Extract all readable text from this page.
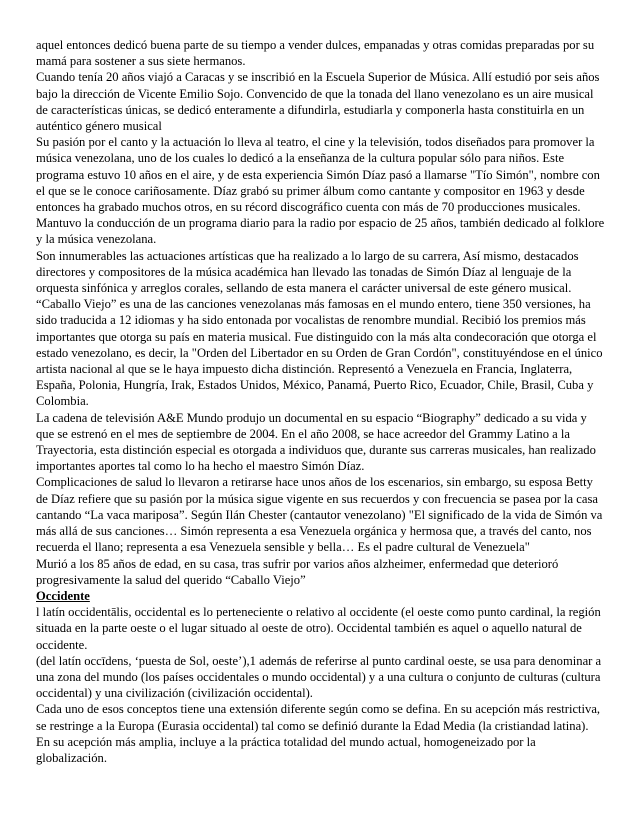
aquel entonces dedicó buena parte de su tiempo a vender dulces, empanadas y otras comidas preparadas por su mamá para sostener a sus siete hermanos.

Cuando tenía 20 años viajó a Caracas y se inscribió en la Escuela Superior de Música. Allí estudió por seis años bajo la dirección de Vicente Emilio Sojo. Convencido de que la tonada del llano venezolano es un aire musical de características únicas, se dedicó enteramente a difundirla, estudiarla y componerla hasta constituirla en un auténtico género musical

Su pasión por el canto y la actuación lo lleva al teatro, el cine y la televisión, todos diseñados para promover la música venezolana, uno de los cuales lo dedicó a la enseñanza de la cultura popular sólo para niños. Este programa estuvo 10 años en el aire, y de esta experiencia Simón Díaz pasó a llamarse "Tío Simón", nombre con el que se le conoce cariñosamente. Díaz grabó su primer álbum como cantante y compositor en 1963 y desde entonces ha grabado muchos otros, en su récord discográfico cuenta con más de 70 producciones musicales.

Mantuvo la conducción de un programa diario para la radio por espacio de 25 años, también dedicado al folklore y la música venezolana.

Son innumerables las actuaciones artísticas que ha realizado a lo largo de su carrera, Así mismo, destacados directores y compositores de la música académica han llevado las tonadas de Simón Díaz al lenguaje de la orquesta sinfónica y arreglos corales, sellando de esta manera el carácter universal de este género musical.

“Caballo Viejo” es una de las canciones venezolanas más famosas en el mundo entero, tiene 350 versiones, ha sido traducida a 12 idiomas y ha sido entonada por vocalistas de renombre mundial. Recibió los premios más importantes que otorga su país en materia musical. Fue distinguido con la más alta condecoración que otorga el estado venezolano, es decir, la "Orden del Libertador en su Orden de Gran Cordón", constituyéndose en el único artista nacional al que se le haya impuesto dicha distinción. Representó a Venezuela en Francia, Inglaterra, España, Polonia, Hungría, Irak, Estados Unidos, México, Panamá, Puerto Rico, Ecuador, Chile, Brasil, Cuba y Colombia.

La cadena de televisión A&E Mundo produjo un documental en su espacio “Biography” dedicado a su vida y que se estrenó en el mes de septiembre de 2004. En el año 2008, se hace acreedor del Grammy Latino a la Trayectoria, esta distinción especial es otorgada a individuos que, durante sus carreras musicales, han realizado importantes aportes tal como lo ha hecho el maestro Simón Díaz.

Complicaciones de salud lo llevaron a retirarse hace unos años de los escenarios, sin embargo, su esposa Betty de Díaz refiere que su pasión por la música sigue vigente en sus recuerdos y con frecuencia se pasea por la casa cantando “La vaca mariposa”. Según Ilán Chester (cantautor venezolano) "El significado de la vida de Simón va más allá de sus canciones… Simón representa a esa Venezuela orgánica y hermosa que, a través del canto, nos recuerda el llano; representa a esa Venezuela sensible y bella… Es el padre cultural de Venezuela"

Murió a los 85 años de edad, en su casa, tras sufrir por varios años alzheimer, enfermedad que deterioró progresivamente la salud del querido “Caballo Viejo”

Occidente

l latín occidentālis, occidental es lo perteneciente o relativo al occidente (el oeste como punto cardinal, la región situada en la parte oeste o el lugar situado al oeste de otro). Occidental también es aquel o aquello natural de occidente.

(del latín occīdens, ‘puesta de Sol, oeste’),1 además de referirse al punto cardinal oeste, se usa para denominar a una zona del mundo (los países occidentales o mundo occidental) y a una cultura o conjunto de culturas (cultura occidental) y una civilización (civilización occidental).

Cada uno de esos conceptos tiene una extensión diferente según como se defina. En su acepción más restrictiva, se restringe a la Europa (Eurasia occidental) tal como se definió durante la Edad Media (la cristiandad latina).

En su acepción más amplia, incluye a la práctica totalidad del mundo actual, homogeneizado por la globalización.
